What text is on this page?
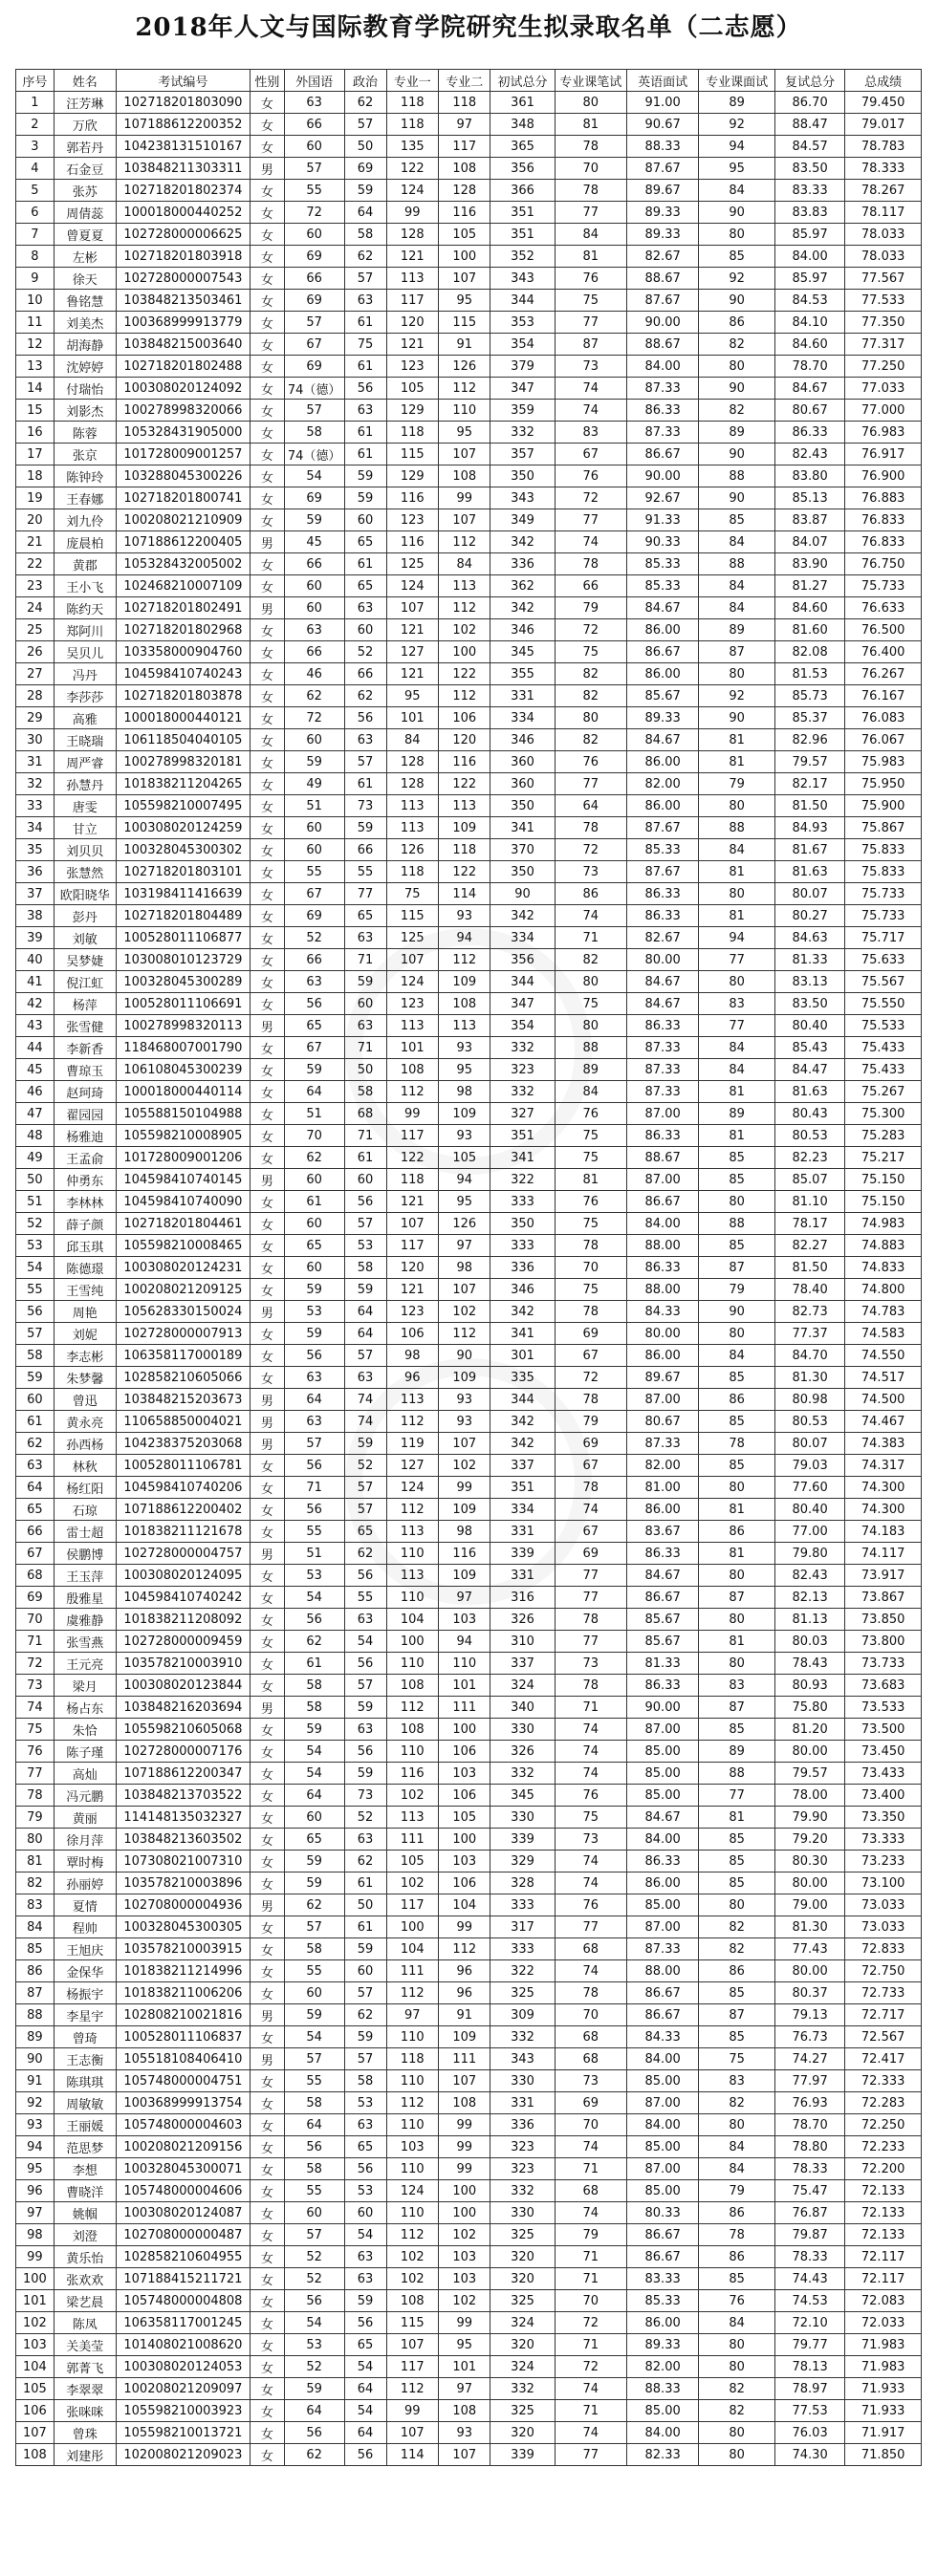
2018年人文与国际教育学院研究生拟录取名单（二志愿）
序号	姓名	考试编号	性别	外国语	政治	专业一	专业二	初试总分	专业课笔试	英语面试	专业课面试	复试总分	总成绩
1	汪芳琳	102718201803090	女	63	62	118	118	361	80	91.00	89	86.70	79.450
2	万欣	107188612200352	女	66	57	118	97	348	81	90.67	92	88.47	79.017
3	郭若丹	104238131510167	女	60	50	135	117	365	78	88.33	94	84.57	78.783
4	石金豆	103848211303311	男	57	69	122	108	356	70	87.67	95	83.50	78.333
5	张苏	102718201802374	女	55	59	124	128	366	78	89.67	84	83.33	78.267
6	周倩蕊	100018000440252	女	72	64	99	116	351	77	89.33	90	83.83	78.117
7	曾夏夏	102728000006625	女	60	58	128	105	351	84	89.33	80	85.97	78.033
8	左彬	102718201803918	女	69	62	121	100	352	81	82.67	85	84.00	78.033
9	徐天	102728000007543	女	66	57	113	107	343	76	88.67	92	85.97	77.567
10	鲁铭慧	103848213503461	女	69	63	117	95	344	75	87.67	90	84.53	77.533
11	刘美杰	100368999913779	女	57	61	120	115	353	77	90.00	86	84.10	77.350
12	胡海静	103848215003640	女	67	75	121	91	354	87	88.67	82	84.60	77.317
13	沈婷婷	102718201802488	女	69	61	123	126	379	73	84.00	80	78.70	77.250
14	付瑞怡	100308020124092	女	74（德）	56	105	112	347	74	87.33	90	84.67	77.033
15	刘影杰	100278998320066	女	57	63	129	110	359	74	86.33	82	80.67	77.000
16	陈蓉	105328431905000	女	58	61	118	95	332	83	87.33	89	86.33	76.983
17	张京	101728009001257	女	74（德）	61	115	107	357	67	86.67	90	82.43	76.917
18	陈钟玲	103288045300226	女	54	59	129	108	350	76	90.00	88	83.80	76.900
19	王春娜	102718201800741	女	69	59	116	99	343	72	92.67	90	85.13	76.883
20	刘九伶	100208021210909	女	59	60	123	107	349	77	91.33	85	83.87	76.833
21	庞晨柏	107188612200405	男	45	65	116	112	342	74	90.33	84	84.07	76.833
22	黄郡	105328432005002	女	66	61	125	84	336	78	85.33	88	83.90	76.750
23	王小飞	102468210007109	女	60	65	124	113	362	66	85.33	84	81.27	75.733
24	陈约天	102718201802491	男	60	63	107	112	342	79	84.67	84	84.60	76.633
25	郑阿川	102718201802968	女	63	60	121	102	346	72	86.00	89	81.60	76.500
26	吴贝儿	103358000904760	女	66	52	127	100	345	75	86.67	87	82.08	76.400
27	冯丹	104598410740243	女	46	66	121	122	355	82	86.00	80	81.53	76.267
28	李莎莎	102718201803878	女	62	62	95	112	331	82	85.67	92	85.73	76.167
29	高雅	100018000440121	女	72	56	101	106	334	80	89.33	90	85.37	76.083
30	王晓瑞	106118504040105	女	60	63	84	120	346	82	84.67	81	82.96	76.067
31	周严睿	100278998320181	女	59	57	128	116	360	76	86.00	81	79.57	75.983
32	孙慧丹	101838211204265	女	49	61	128	122	360	77	82.00	79	82.17	75.950
33	唐雯	105598210007495	女	51	73	113	113	350	64	86.00	80	81.50	75.900
34	甘立	100308020124259	女	60	59	113	109	341	78	87.67	88	84.93	75.867
35	刘贝贝	100328045300302	女	60	66	126	118	370	72	85.33	84	81.67	75.833
36	张慧然	102718201803101	女	55	55	118	122	350	73	87.67	81	81.63	75.833
37	欧阳晓华	103198411416639	女	67	77	75	114	90	86	86.33	80	80.07	75.733
38	彭丹	102718201804489	女	69	65	115	93	342	74	86.33	81	80.27	75.733
39	刘敏	100528011106877	女	52	63	125	94	334	71	82.67	94	84.63	75.717
40	吴梦婕	103008010123729	女	66	71	107	112	356	82	80.00	77	81.33	75.633
41	倪江虹	100328045300289	女	63	59	124	109	344	80	84.67	80	83.13	75.567
42	杨萍	100528011106691	女	56	60	123	108	347	75	84.67	83	83.50	75.550
43	张雪健	100278998320113	男	65	63	113	113	354	80	86.33	77	80.40	75.533
44	李新香	118468007001790	女	67	71	101	93	332	88	87.33	84	85.43	75.433
45	曹琼玉	106108045300239	女	59	50	108	95	323	89	87.33	84	84.47	75.433
46	赵珂琦	100018000440114	女	64	58	112	98	332	84	87.33	81	81.63	75.267
47	翟园园	105588150104988	女	51	68	99	109	327	76	87.00	89	80.43	75.300
48	杨雅迪	105598210008905	女	70	71	117	93	351	75	86.33	81	80.53	75.283
49	王孟俞	101728009001206	女	62	61	122	105	341	75	88.67	85	82.23	75.217
50	仲勇东	104598410740145	男	60	60	118	94	322	81	87.00	85	85.07	75.150
51	李林林	104598410740090	女	61	56	121	95	333	76	86.67	80	81.10	75.150
52	薛子颜	102718201804461	女	60	57	107	126	350	75	84.00	88	78.17	74.983
53	邱玉琪	105598210008465	女	65	53	117	97	333	78	88.00	85	82.27	74.883
54	陈德璟	100308020124231	女	60	58	120	98	336	70	86.33	87	81.50	74.833
55	王雪纯	100208021209125	女	59	59	121	107	346	75	88.00	79	78.40	74.800
56	周艳	105628330150024	男	53	64	123	102	342	78	84.33	90	82.73	74.783
57	刘妮	102728000007913	女	59	64	106	112	341	69	80.00	80	77.37	74.583
58	李志彬	106358117000189	女	56	57	98	90	301	67	86.00	84	84.70	74.550
59	朱梦馨	102858210605066	女	63	63	96	109	335	72	89.67	85	81.30	74.517
60	曾迅	103848215203673	男	64	74	113	93	344	78	87.00	86	80.98	74.500
61	黄永亮	110658850004021	男	63	74	112	93	342	79	80.67	85	80.53	74.467
62	孙西杨	104238375203068	男	57	59	119	107	342	69	87.33	78	80.07	74.383
63	林秋	100528011106781	女	56	52	127	102	337	67	82.00	85	79.03	74.317
64	杨红阳	104598410740206	女	71	57	124	99	351	78	81.00	80	77.60	74.300
65	石琼	107188612200402	女	56	57	112	109	334	74	86.00	81	80.40	74.300
66	雷士超	101838211121678	女	55	65	113	98	331	67	83.67	86	77.00	74.183
67	侯鹏博	102728000004757	男	51	62	110	116	339	69	86.33	81	79.80	74.117
68	王玉萍	100308020124095	女	53	56	113	109	331	77	84.67	80	82.43	73.917
69	殷雅星	104598410740242	女	54	55	110	97	316	77	86.67	87	82.13	73.867
70	虞雅静	101838211208092	女	56	63	104	103	326	78	85.67	80	81.13	73.850
71	张雪燕	102728000009459	女	62	54	100	94	310	77	85.67	81	80.03	73.800
72	王元亮	103578210003910	女	61	56	110	110	337	73	81.33	80	78.43	73.733
73	梁月	100308020123844	女	58	57	108	101	324	78	86.33	83	80.93	73.683
74	杨占东	103848216203694	男	58	59	112	111	340	71	90.00	87	75.80	73.533
75	朱恰	105598210605068	女	59	63	108	100	330	74	87.00	85	81.20	73.500
76	陈子瑾	102728000007176	女	54	56	110	106	326	74	85.00	89	80.00	73.450
77	高灿	107188612200347	女	54	59	116	103	332	74	85.00	88	79.57	73.433
78	冯元鹏	103848213703522	女	64	73	102	106	345	76	85.00	77	78.00	73.400
79	黄丽	114148135032327	女	60	52	113	105	330	75	84.67	81	79.90	73.350
80	徐月萍	103848213603502	女	65	63	111	100	339	73	84.00	85	79.20	73.333
81	覃时梅	107308021007310	女	59	62	105	103	329	74	86.33	85	80.30	73.233
82	孙丽婷	103578210003896	女	59	61	102	106	328	74	86.00	85	80.00	73.100
83	夏情	102708000004936	男	62	50	117	104	333	76	85.00	80	79.00	73.033
84	程帅	100328045300305	女	57	61	100	99	317	77	87.00	82	81.30	73.033
85	王旭庆	103578210003915	女	58	59	104	112	333	68	87.33	82	77.43	72.833
86	金保华	101838211214996	女	55	60	111	96	322	74	88.00	86	80.00	72.750
87	杨振宇	101838211006206	女	60	57	112	96	325	78	86.67	85	80.37	72.733
88	李星宇	102808210021816	男	59	62	97	91	309	70	86.67	87	79.13	72.717
89	曾琦	100528011106837	女	54	59	110	109	332	68	84.33	85	76.73	72.567
90	王志衡	105518108406410	男	57	57	118	111	343	68	84.00	75	74.27	72.417
91	陈琪琪	105748000004751	女	55	58	110	107	330	73	85.00	83	77.97	72.333
92	周敏敏	100368999913754	女	58	53	112	108	331	69	87.00	82	76.93	72.283
93	王丽媛	105748000004603	女	64	63	110	99	336	70	84.00	80	78.70	72.250
94	范思梦	100208021209156	女	56	65	103	99	323	74	85.00	84	78.80	72.233
95	李想	100328045300071	女	58	56	110	99	323	71	87.00	84	78.33	72.200
96	曹晓洋	105748000004606	女	55	53	124	100	332	68	85.00	79	75.47	72.133
97	姚帼	100308020124087	女	60	60	110	100	330	74	80.33	86	76.87	72.133
98	刘澄	102708000000487	女	57	54	112	102	325	79	86.67	78	79.87	72.133
99	黄乐怡	102858210604955	女	52	63	102	103	320	71	86.67	86	78.33	72.117
100	张欢欢	107188415211721	女	52	63	102	103	320	71	83.33	85	74.43	72.117
101	梁艺晨	105748000004808	女	56	59	108	102	325	70	85.33	76	74.53	72.083
102	陈凤	106358117001245	女	54	56	115	99	324	72	86.00	84	72.10	72.033
103	关美莹	101408021008620	女	53	65	107	95	320	71	89.33	80	79.77	71.983
104	郭菁飞	100308020124053	女	52	54	117	101	324	72	82.00	80	78.13	71.983
105	李翠翠	100208021209097	女	59	64	112	97	332	74	88.33	82	78.97	71.933
106	张咪咪	105598210003923	女	64	54	99	108	325	71	85.00	82	77.53	71.933
107	曾珠	105598210013721	女	56	64	107	93	320	74	84.00	80	76.03	71.917
108	刘建彤	102008021209023	女	62	56	114	107	339	77	82.33	80	74.30	71.850
